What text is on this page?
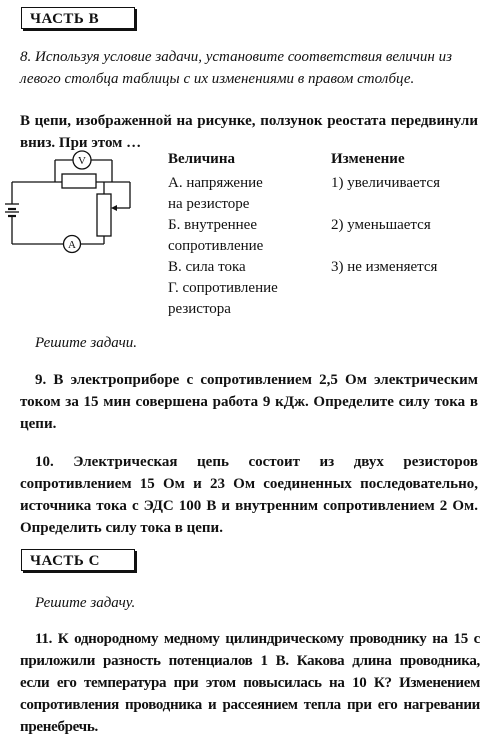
ЧАСТЬ В
8. Используя условие задачи, установите соответствия величин из левого столбца таблицы с их изменениями в правом столбце.
В цепи, изображенной на рисунке, ползунок реостата передвинули вниз. При этом …
V
A
Величина	Изменение
А. напряжение
на резисторе
Б. внутреннее
сопротивление
В. сила тока
Г. сопротивление
резистора
1) увеличивается
2) уменьшается
3) не изменяется
Решите задачи.
9. В электроприборе с сопротивлением 2,5 Ом электрическим током за 15 мин совершена работа 9 кДж. Определите силу тока в цепи.
10. Электрическая цепь состоит из двух резисторов сопротивлением 15 Ом и 23 Ом соединенных последовательно, источника тока с ЭДС 100 В и внутренним сопротивлением 2 Ом. Определить силу тока в цепи.
ЧАСТЬ С
Решите задачу.
11. К однородному медному цилиндрическому проводнику на 15 с приложили разность потенциалов 1 В. Какова длина проводника, если его температура при этом повысилась на 10 К? Изменением сопротивления проводника и рассеянием тепла при его нагревании пренебречь.
